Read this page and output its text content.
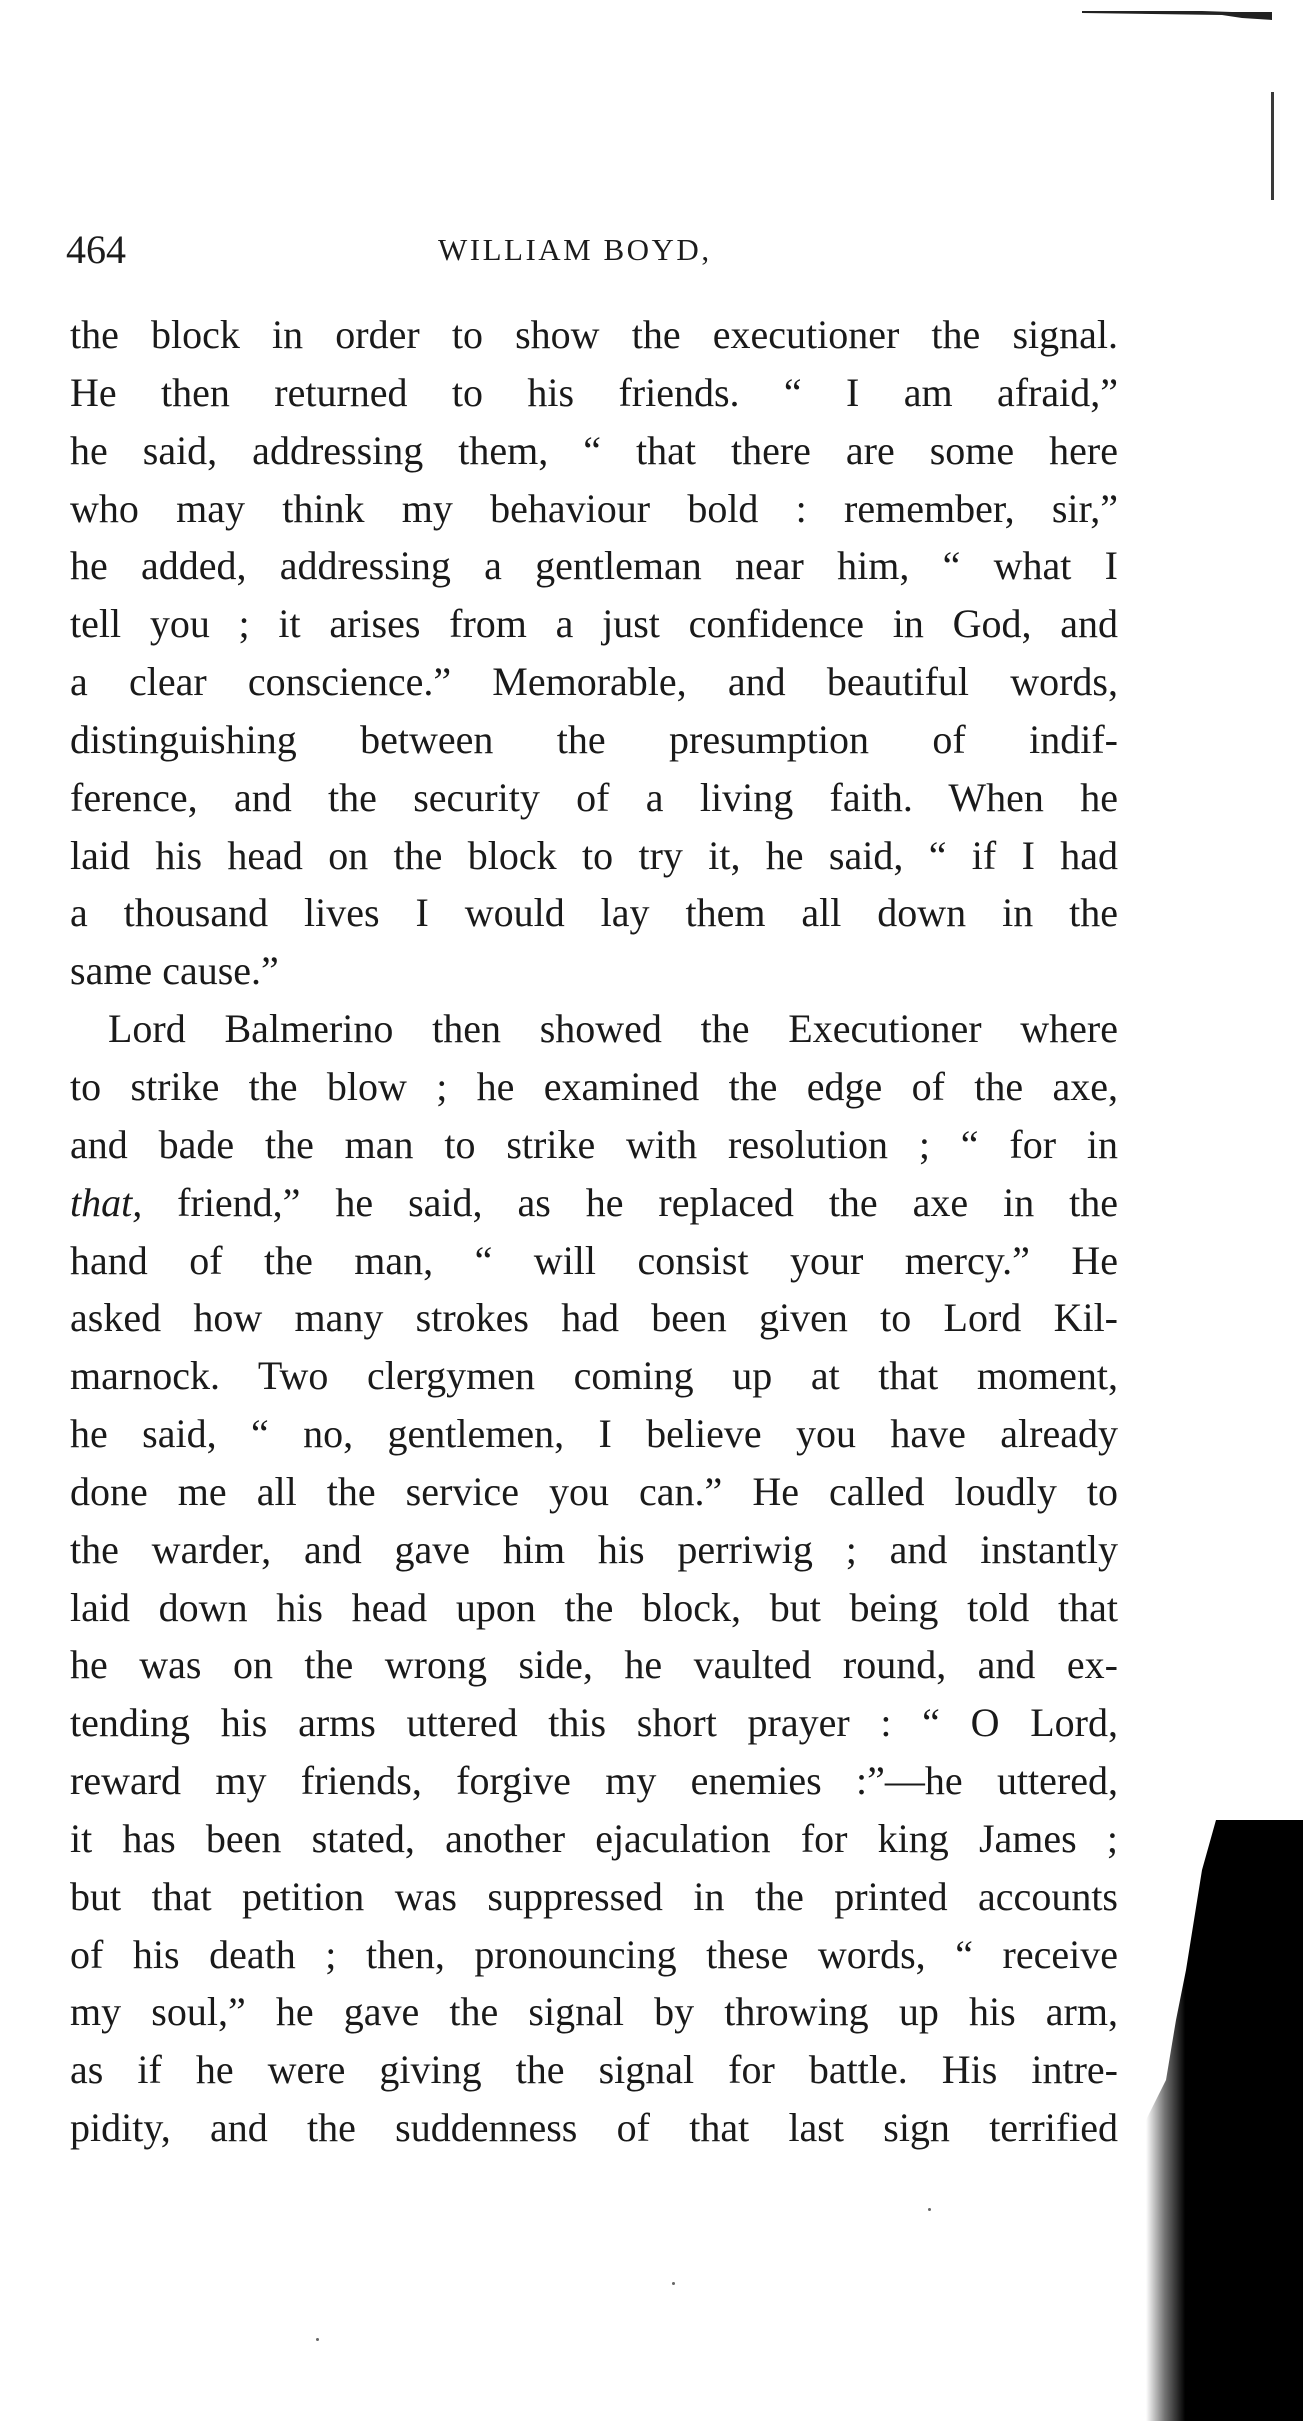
464	WILLIAM BOYD,
the block in order to show the executioner the signal.
He then returned to his friends. “ I am afraid,”
he said, addressing them, “ that there are some here
who may think my behaviour bold : remember, sir,”
he added, addressing a gentleman near him, “ what I
tell you ; it arises from a just confidence in God, and
a clear conscience.” Memorable, and beautiful words,
distinguishing between the presumption of indif-
ference, and the security of a living faith. When he
laid his head on the block to try it, he said, “ if I had
a thousand lives I would lay them all down in the
same cause.”
Lord Balmerino then showed the Executioner where
to strike the blow ; he examined the edge of the axe,
and bade the man to strike with resolution ; “ for in
that, friend,” he said, as he replaced the axe in the
hand of the man, “ will consist your mercy.” He
asked how many strokes had been given to Lord Kil-
marnock. Two clergymen coming up at that moment,
he said, “ no, gentlemen, I believe you have already
done me all the service you can.” He called loudly to
the warder, and gave him his perriwig ; and instantly
laid down his head upon the block, but being told that
he was on the wrong side, he vaulted round, and ex-
tending his arms uttered this short prayer : “ O Lord,
reward my friends, forgive my enemies :”—he uttered,
it has been stated, another ejaculation for king James ;
but that petition was suppressed in the printed accounts
of his death ; then, pronouncing these words, “ receive
my soul,” he gave the signal by throwing up his arm,
as if he were giving the signal for battle. His intre-
pidity, and the suddenness of that last sign terrified
